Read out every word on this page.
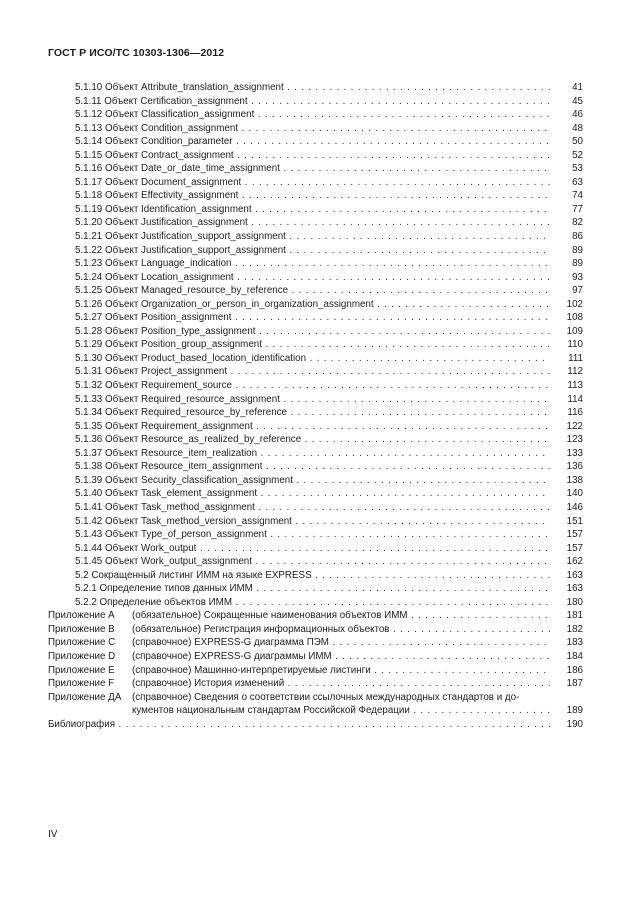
ГОСТ Р ИСО/ТС 10303-1306—2012
5.1.10 Объект Attribute_translation_assignment . . .	41
5.1.11 Объект Certification_assignment . . .	45
5.1.12 Объект Classification_assignment . . .	46
5.1.13 Объект Condition_assignment . . .	48
5.1.14 Объект Condition_parameter . . .	50
5.1.15 Объект Contract_assignment . . .	52
5.1.16 Объект Date_or_date_time_assignment . . .	53
5.1.17 Объект Document_assignment . . .	63
5.1.18 Объект Effectivity_assignment . . .	74
5.1.19 Объект Identification_assignment . . .	77
5.1.20 Объект Justification_assignment . . .	82
5.1.21 Объект Justification_support_assignment . . .	86
5.1.22 Объект Justification_support_assignment . . .	89
5.1.23 Объект Language_indication . . .	89
5.1.24 Объект Location_assignment . . .	93
5.1.25 Объект Managed_resource_by_reference . . .	97
5.1.26 Объект Organization_or_person_in_organization_assignment . . .	102
5.1.27 Объект Position_assignment . . .	108
5.1.28 Объект Position_type_assignment . . .	109
5.1.29 Объект Position_group_assignment . . .	110
5.1.30 Объект Product_based_location_identification . . .	111
5.1.31 Объект Project_assignment . . .	112
5.1.32 Объект Requirement_source . . .	113
5.1.33 Объект Required_resource_assignment . . .	114
5.1.34 Объект Required_resource_by_reference . . .	116
5.1.35 Объект Requirement_assignment . . .	122
5.1.36 Объект Resource_as_realized_by_reference . . .	123
5.1.37 Объект Resource_item_realization . . .	133
5.1.38 Объект Resource_item_assignment . . .	136
5.1.39 Объект Security_classification_assignment . . .	138
5.1.40 Объект Task_element_assignment . . .	140
5.1.41 Объект Task_method_assignment . . .	146
5.1.42 Объект Task_method_version_assignment . . .	151
5.1.43 Объект Type_of_person_assignment . . .	157
5.1.44 Объект Work_output . . .	157
5.1.45 Объект Work_output_assignment . . .	162
5.2 Сокращенный листинг ИММ на языке EXPRESS . . .	163
5.2.1 Определение типов данных ИММ . . .	163
5.2.2 Определение объектов ИММ . . .	180
Приложение A (обязательное) Сокращенные наименования объектов ИММ . . .	181
Приложение B (обязательное) Регистрация информационных объектов . . .	182
Приложение C (справочное) EXPRESS-G диаграмма ПЭМ . . .	183
Приложение D (справочное) EXPRESS-G диаграммы ИММ . . .	184
Приложение E (справочное) Машинно-интерпретируемые листинги . . .	186
Приложение F (справочное) История изменений . . .	187
Приложение ДА (справочное) Сведения о соответствии ссылочных международных стандартов и до-
кументов национальным стандартам Российской Федерации . . .	189
Библиография . . .	190
IV
